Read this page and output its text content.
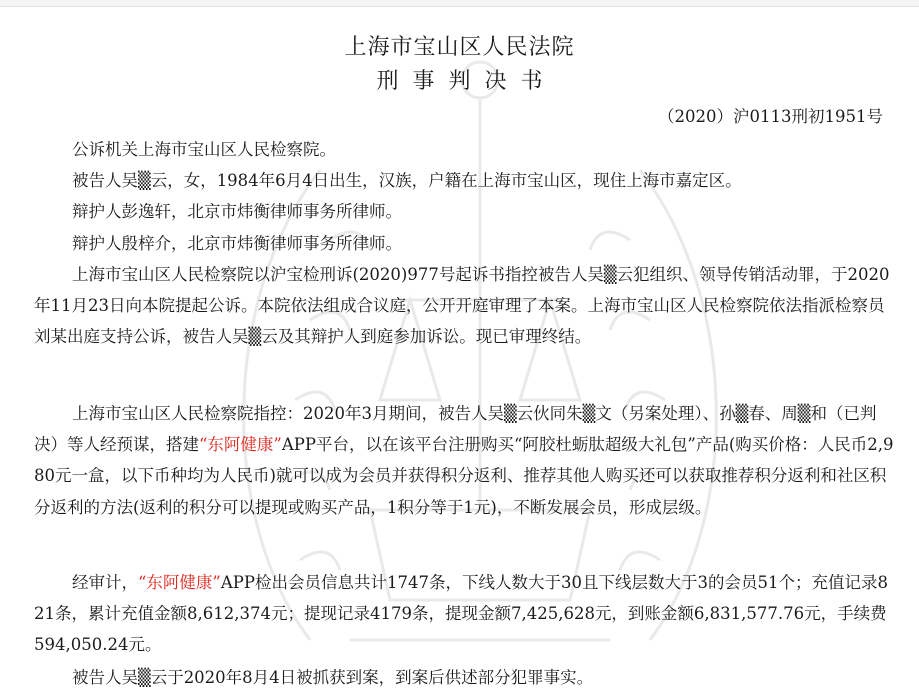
上海市宝山区人民法院
刑事判决书
（2020）沪0113刑初1951号

公诉机关上海市宝山区人民检察院。

被告人吴▒云，女，1984年6月4日出生，汉族，户籍在上海市宝山区，现住上海市嘉定区。

辩护人彭逸轩，北京市炜衡律师事务所律师。

辩护人殷梓介，北京市炜衡律师事务所律师。

上海市宝山区人民检察院以沪宝检刑诉(2020)977号起诉书指控被告人吴▒云犯组织、领导传销活动罪，于2020年11月23日向本院提起公诉。本院依法组成合议庭，公开开庭审理了本案。上海市宝山区人民检察院依法指派检察员刘某出庭支持公诉，被告人吴▒云及其辩护人到庭参加诉讼。现已审理终结。

上海市宝山区人民检察院指控：2020年3月期间，被告人吴▒云伙同朱▒文（另案处理）、孙▒春、周▒和（已判决）等人经预谋，搭建“东阿健康”APP平台，以在该平台注册购买“阿胶杜蛎肽超级大礼包”产品(购买价格：人民币2,980元一盒，以下币种均为人民币)就可以成为会员并获得积分返利、推荐其他人购买还可以获取推荐积分返利和社区积分返利的方法(返利的积分可以提现或购买产品，1积分等于1元)，不断发展会员，形成层级。

经审计，“东阿健康”APP检出会员信息共计1747条，下线人数大于30且下线层数大于3的会员51个；充值记录821条，累计充值金额8,612,374元；提现记录4179条，提现金额7,425,628元，到账金额6,831,577.76元，手续费594,050.24元。

被告人吴▒云于2020年8月4日被抓获到案，到案后供述部分犯罪事实。
